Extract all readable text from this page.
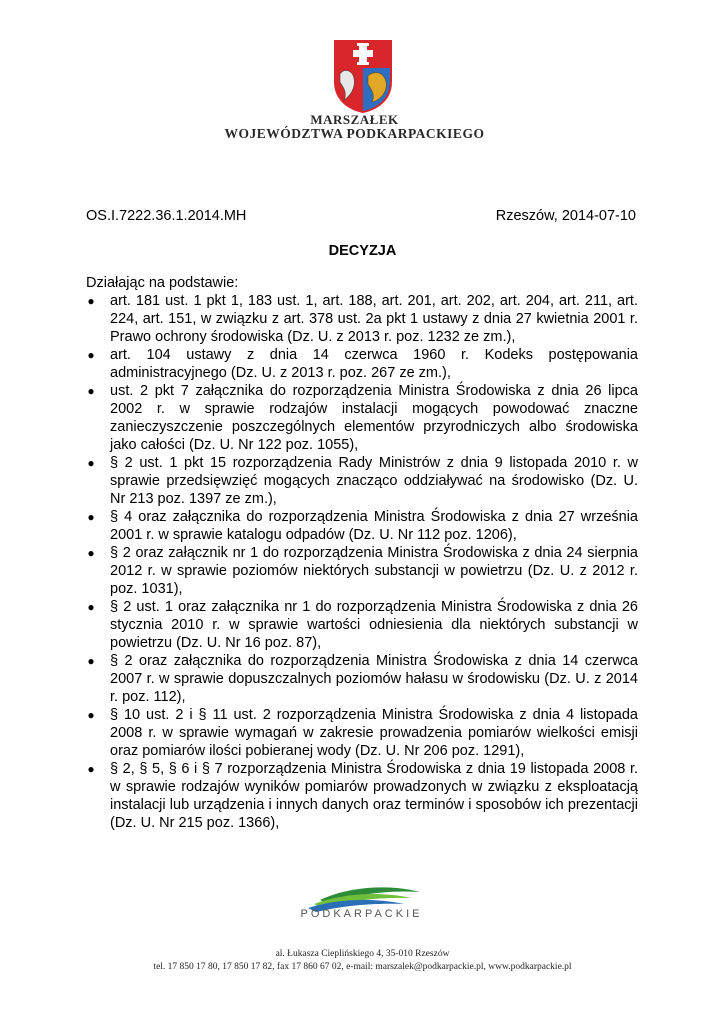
MARSZAŁEK
WOJEWÓDZTWA PODKARPACKIEGO
OS.I.7222.36.1.2014.MH	Rzeszów, 2014-07-10
DECYZJA
Działając na podstawie:
● art. 181 ust. 1 pkt 1, 183 ust. 1, art. 188, art. 201, art. 202, art. 204, art. 211, art. 224, art. 151, w związku z art. 378 ust. 2a pkt 1 ustawy z dnia 27 kwietnia 2001 r. Prawo ochrony środowiska (Dz. U. z 2013 r. poz. 1232 ze zm.),
● art. 104 ustawy z dnia 14 czerwca 1960 r. Kodeks postępowania administracyjnego (Dz. U. z 2013 r. poz. 267 ze zm.),
● ust. 2 pkt 7 załącznika do rozporządzenia Ministra Środowiska z dnia 26 lipca 2002 r. w sprawie rodzajów instalacji mogących powodować znaczne zanieczyszczenie poszczególnych elementów przyrodniczych albo środowiska jako całości (Dz. U. Nr 122 poz. 1055),
● § 2 ust. 1 pkt 15 rozporządzenia Rady Ministrów z dnia 9 listopada 2010 r. w sprawie przedsięwzięć mogących znacząco oddziaływać na środowisko (Dz. U. Nr 213 poz. 1397 ze zm.),
● § 4 oraz załącznika do rozporządzenia Ministra Środowiska z dnia 27 września 2001 r. w sprawie katalogu odpadów (Dz. U. Nr 112 poz. 1206),
● § 2 oraz załącznik nr 1 do rozporządzenia Ministra Środowiska z dnia 24 sierpnia 2012 r. w sprawie poziomów niektórych substancji w powietrzu (Dz. U. z 2012 r. poz. 1031),
● § 2 ust. 1 oraz załącznika nr 1 do rozporządzenia Ministra Środowiska z dnia 26 stycznia 2010 r. w sprawie wartości odniesienia dla niektórych substancji w powietrzu (Dz. U. Nr 16 poz. 87),
● § 2 oraz załącznika do rozporządzenia Ministra Środowiska z dnia 14 czerwca 2007 r. w sprawie dopuszczalnych poziomów hałasu w środowisku (Dz. U. z 2014 r. poz. 112),
● § 10 ust. 2 i § 11 ust. 2 rozporządzenia Ministra Środowiska z dnia 4 listopada 2008 r. w sprawie wymagań w zakresie prowadzenia pomiarów wielkości emisji oraz pomiarów ilości pobieranej wody (Dz. U. Nr 206 poz. 1291),
● § 2, § 5, § 6 i § 7 rozporządzenia Ministra Środowiska z dnia 19 listopada 2008 r. w sprawie rodzajów wyników pomiarów prowadzonych w związku z eksploatacją instalacji lub urządzenia i innych danych oraz terminów i sposobów ich prezentacji (Dz. U. Nr 215 poz. 1366),
PODKARPACKIE
al. Łukasza Cieplińskiego 4, 35-010 Rzeszów
tel. 17 850 17 80, 17 850 17 82, fax 17 860 67 02, e-mail: marszalek@podkarpackie.pl, www.podkarpackie.pl
